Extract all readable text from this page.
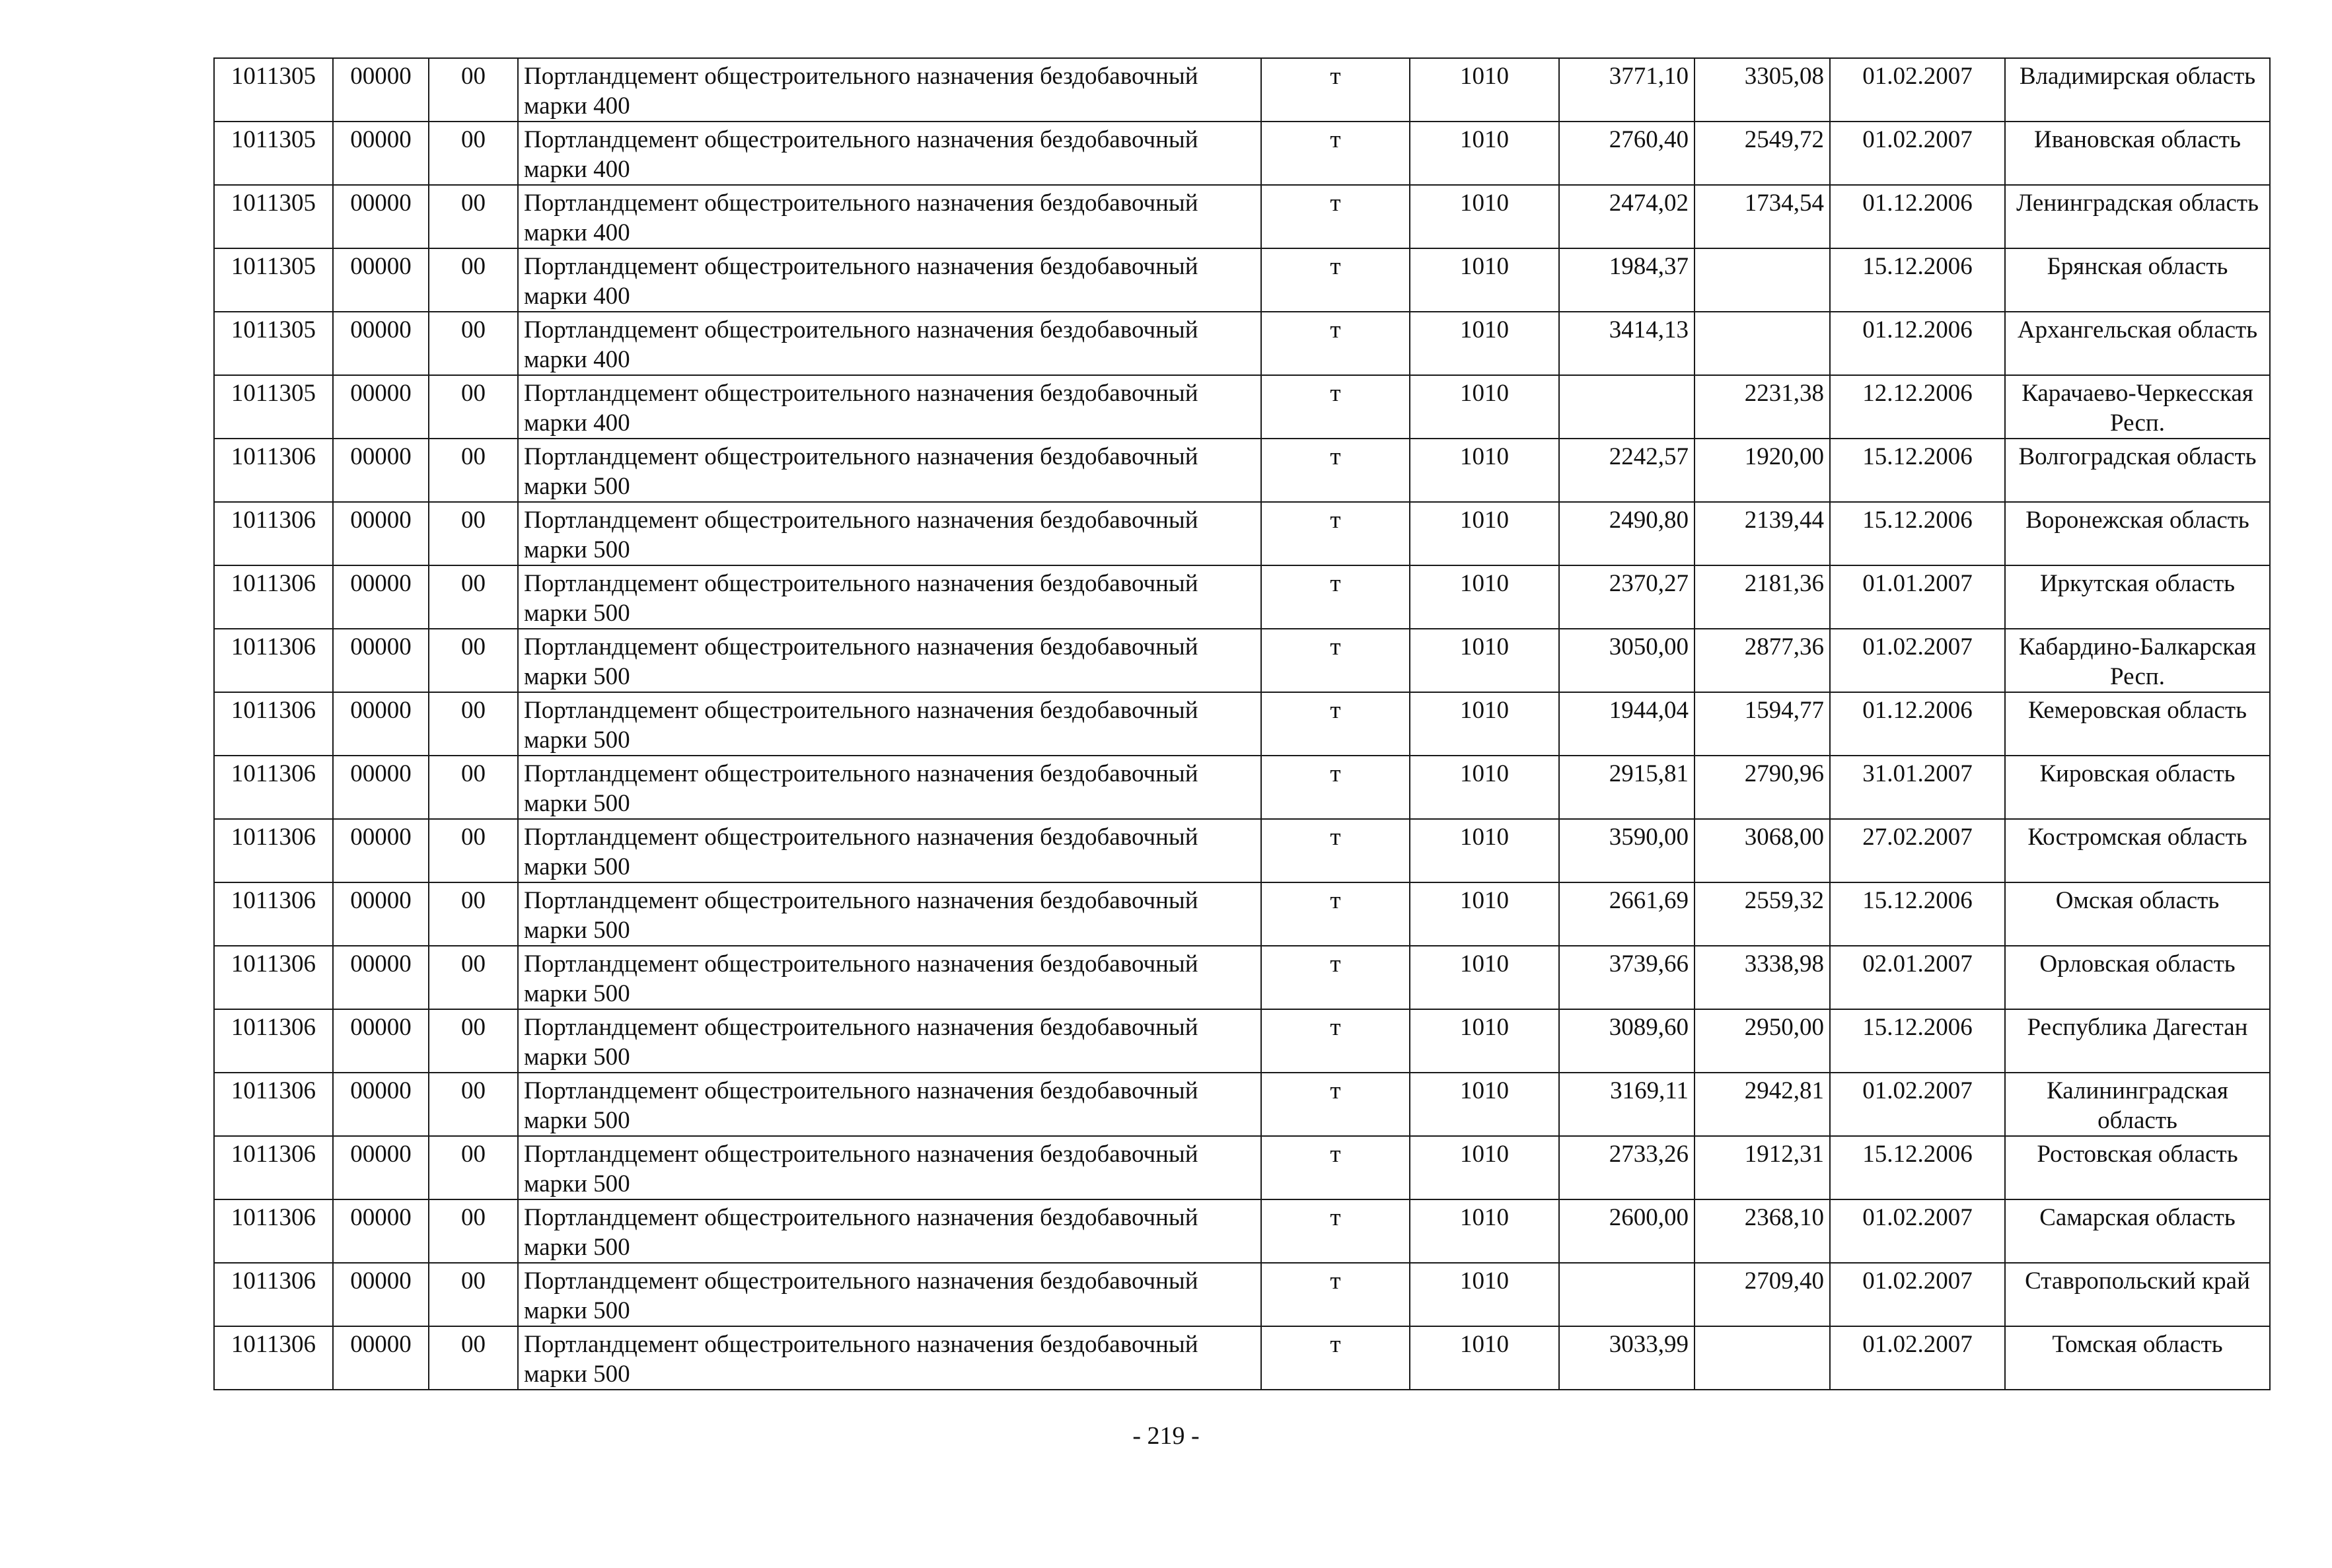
1011305	00000	00	Портландцемент общестроительного назначения бездобавочный марки 400	т	1010	3771,10	3305,08	01.02.2007	Владимирская область
1011305	00000	00	Портландцемент общестроительного назначения бездобавочный марки 400	т	1010	2760,40	2549,72	01.02.2007	Ивановская область
1011305	00000	00	Портландцемент общестроительного назначения бездобавочный марки 400	т	1010	2474,02	1734,54	01.12.2006	Ленинградская область
1011305	00000	00	Портландцемент общестроительного назначения бездобавочный марки 400	т	1010	1984,37		15.12.2006	Брянская область
1011305	00000	00	Портландцемент общестроительного назначения бездобавочный марки 400	т	1010	3414,13		01.12.2006	Архангельская область
1011305	00000	00	Портландцемент общестроительного назначения бездобавочный марки 400	т	1010		2231,38	12.12.2006	Карачаево-Черкесская Респ.
1011306	00000	00	Портландцемент общестроительного назначения бездобавочный марки 500	т	1010	2242,57	1920,00	15.12.2006	Волгоградская область
1011306	00000	00	Портландцемент общестроительного назначения бездобавочный марки 500	т	1010	2490,80	2139,44	15.12.2006	Воронежская область
1011306	00000	00	Портландцемент общестроительного назначения бездобавочный марки 500	т	1010	2370,27	2181,36	01.01.2007	Иркутская область
1011306	00000	00	Портландцемент общестроительного назначения бездобавочный марки 500	т	1010	3050,00	2877,36	01.02.2007	Кабардино-Балкарская Респ.
1011306	00000	00	Портландцемент общестроительного назначения бездобавочный марки 500	т	1010	1944,04	1594,77	01.12.2006	Кемеровская область
1011306	00000	00	Портландцемент общестроительного назначения бездобавочный марки 500	т	1010	2915,81	2790,96	31.01.2007	Кировская область
1011306	00000	00	Портландцемент общестроительного назначения бездобавочный марки 500	т	1010	3590,00	3068,00	27.02.2007	Костромская область
1011306	00000	00	Портландцемент общестроительного назначения бездобавочный марки 500	т	1010	2661,69	2559,32	15.12.2006	Омская область
1011306	00000	00	Портландцемент общестроительного назначения бездобавочный марки 500	т	1010	3739,66	3338,98	02.01.2007	Орловская область
1011306	00000	00	Портландцемент общестроительного назначения бездобавочный марки 500	т	1010	3089,60	2950,00	15.12.2006	Республика Дагестан
1011306	00000	00	Портландцемент общестроительного назначения бездобавочный марки 500	т	1010	3169,11	2942,81	01.02.2007	Калининградская область
1011306	00000	00	Портландцемент общестроительного назначения бездобавочный марки 500	т	1010	2733,26	1912,31	15.12.2006	Ростовская область
1011306	00000	00	Портландцемент общестроительного назначения бездобавочный марки 500	т	1010	2600,00	2368,10	01.02.2007	Самарская область
1011306	00000	00	Портландцемент общестроительного назначения бездобавочный марки 500	т	1010		2709,40	01.02.2007	Ставропольский край
1011306	00000	00	Портландцемент общестроительного назначения бездобавочный марки 500	т	1010	3033,99		01.02.2007	Томская область
- 219 -
